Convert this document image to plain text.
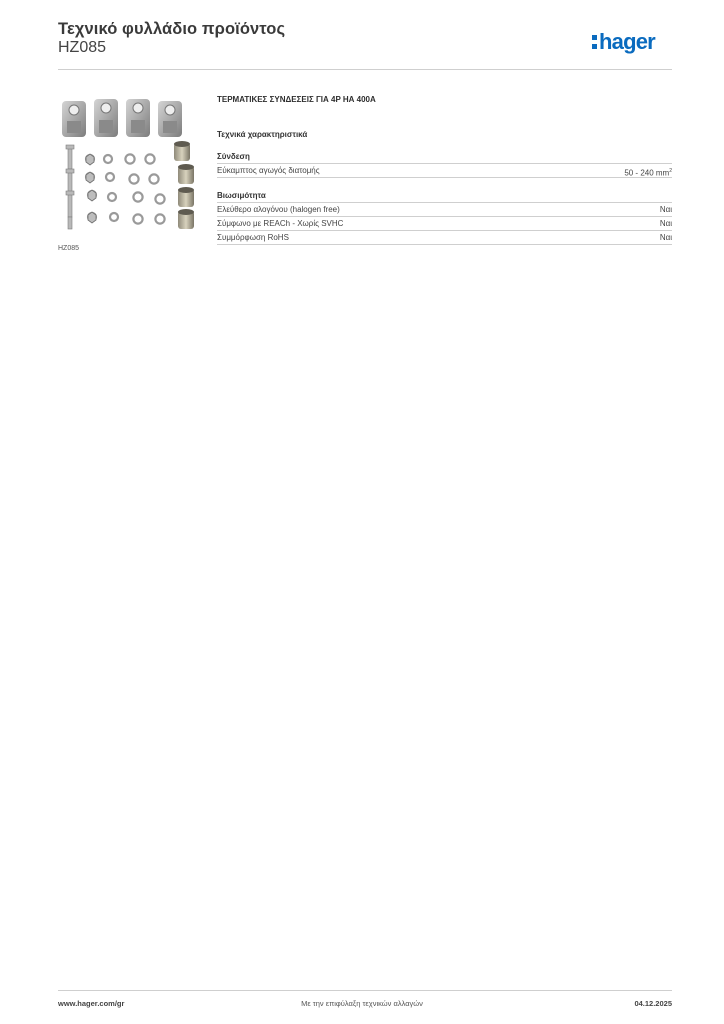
Τεχνικό φυλλάδιο προϊόντος
HZ085	hager
HZ085
ΤΕΡΜΑΤΙΚΕΣ ΣΥΝΔΕΣΕΙΣ ΓΙΑ 4P ΗΑ 400A
Τεχνικά χαρακτηριστικά
Σύνδεση
Εύκαμπτος αγωγός διατομής	50 - 240 $mm^2$
Βιωσιμότητα
Ελεύθερο αλογόνου (halogen free)	Ναι
Σύμφωνο με REACh - Χωρίς SVHC	Ναι
Συμμόρφωση RoHS	Ναι
www.hager.com/gr	Με την επιφύλαξη τεχνικών αλλαγών	04.12.2025
